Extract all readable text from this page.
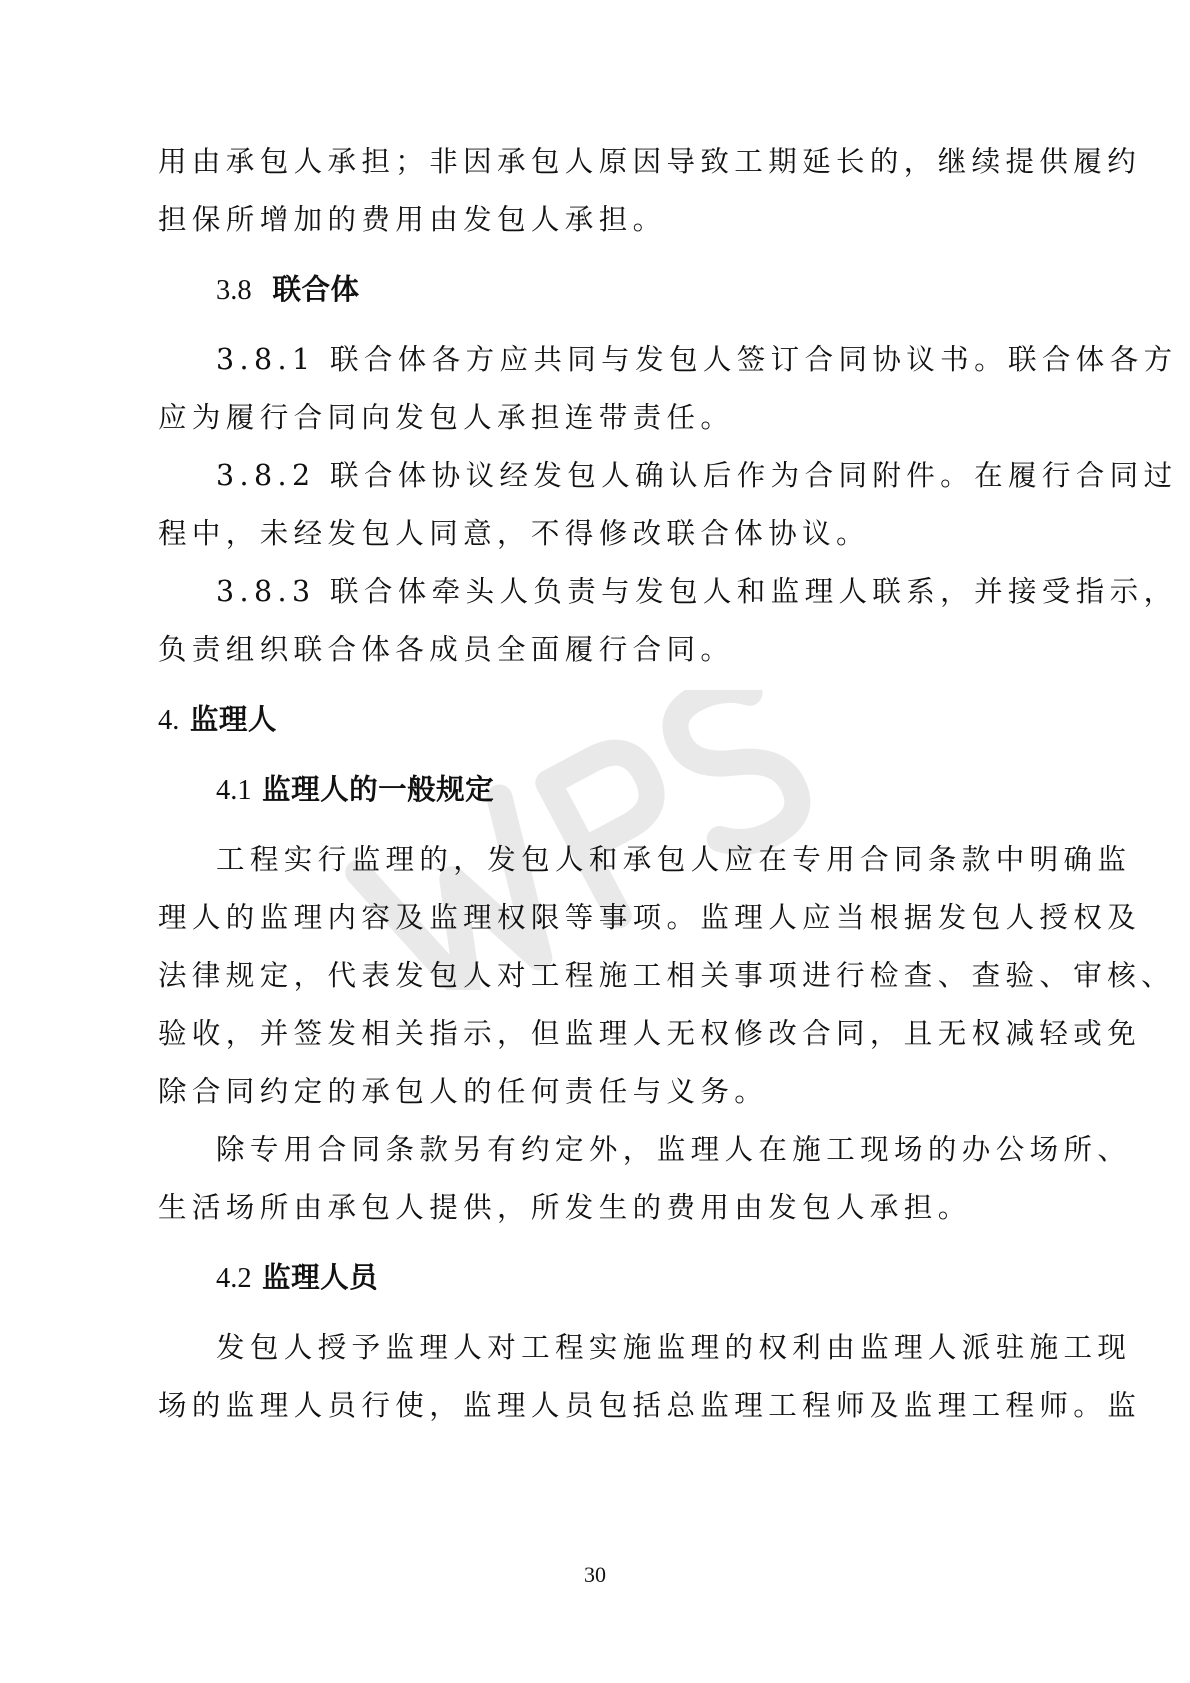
用由承包人承担；非因承包人原因导致工期延长的，继续提供履约
担保所增加的费用由发包人承担。
3.8 联合体
3.8.1 联合体各方应共同与发包人签订合同协议书。联合体各方
应为履行合同向发包人承担连带责任。
3.8.2 联合体协议经发包人确认后作为合同附件。在履行合同过
程中，未经发包人同意，不得修改联合体协议。
3.8.3 联合体牵头人负责与发包人和监理人联系，并接受指示，
负责组织联合体各成员全面履行合同。
4. 监理人
4.1 监理人的一般规定
工程实行监理的，发包人和承包人应在专用合同条款中明确监
理人的监理内容及监理权限等事项。监理人应当根据发包人授权及
法律规定，代表发包人对工程施工相关事项进行检查、查验、审核、
验收，并签发相关指示，但监理人无权修改合同，且无权减轻或免
除合同约定的承包人的任何责任与义务。
除专用合同条款另有约定外，监理人在施工现场的办公场所、
生活场所由承包人提供，所发生的费用由发包人承担。
4.2 监理人员
发包人授予监理人对工程实施监理的权利由监理人派驻施工现
场的监理人员行使，监理人员包括总监理工程师及监理工程师。监
30
